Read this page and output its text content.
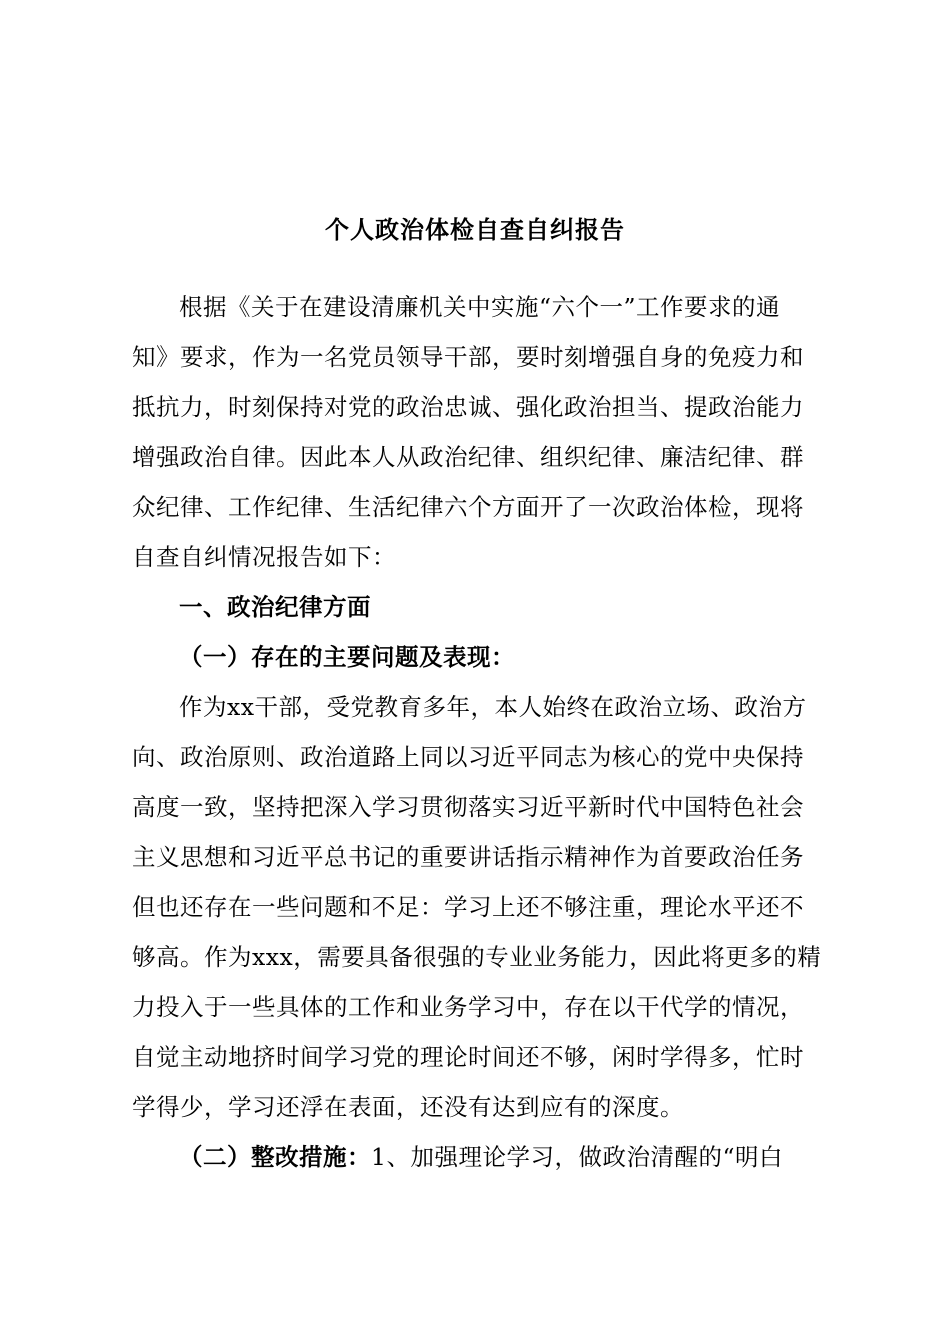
个人政治体检自查自纠报告
根据《关于在建设清廉机关中实施“六个一”工作要求的通
知》要求，作为一名党员领导干部，要时刻增强自身的免疫力和
抵抗力，时刻保持对党的政治忠诚、强化政治担当、提政治能力
增强政治自律。因此本人从政治纪律、组织纪律、廉洁纪律、群
众纪律、工作纪律、生活纪律六个方面开了一次政治体检，现将
自查自纠情况报告如下：
一、政治纪律方面
（一）存在的主要问题及表现：
作为xx干部，受党教育多年，本人始终在政治立场、政治方
向、政治原则、政治道路上同以习近平同志为核心的党中央保持
高度一致，坚持把深入学习贯彻落实习近平新时代中国特色社会
主义思想和习近平总书记的重要讲话指示精神作为首要政治任务
但也还存在一些问题和不足：学习上还不够注重，理论水平还不
够高。作为xxx，需要具备很强的专业业务能力，因此将更多的精
力投入于一些具体的工作和业务学习中，存在以干代学的情况，
自觉主动地挤时间学习党的理论时间还不够，闲时学得多，忙时
学得少，学习还浮在表面，还没有达到应有的深度。
（二）整改措施：1、加强理论学习，做政治清醒的“明白
